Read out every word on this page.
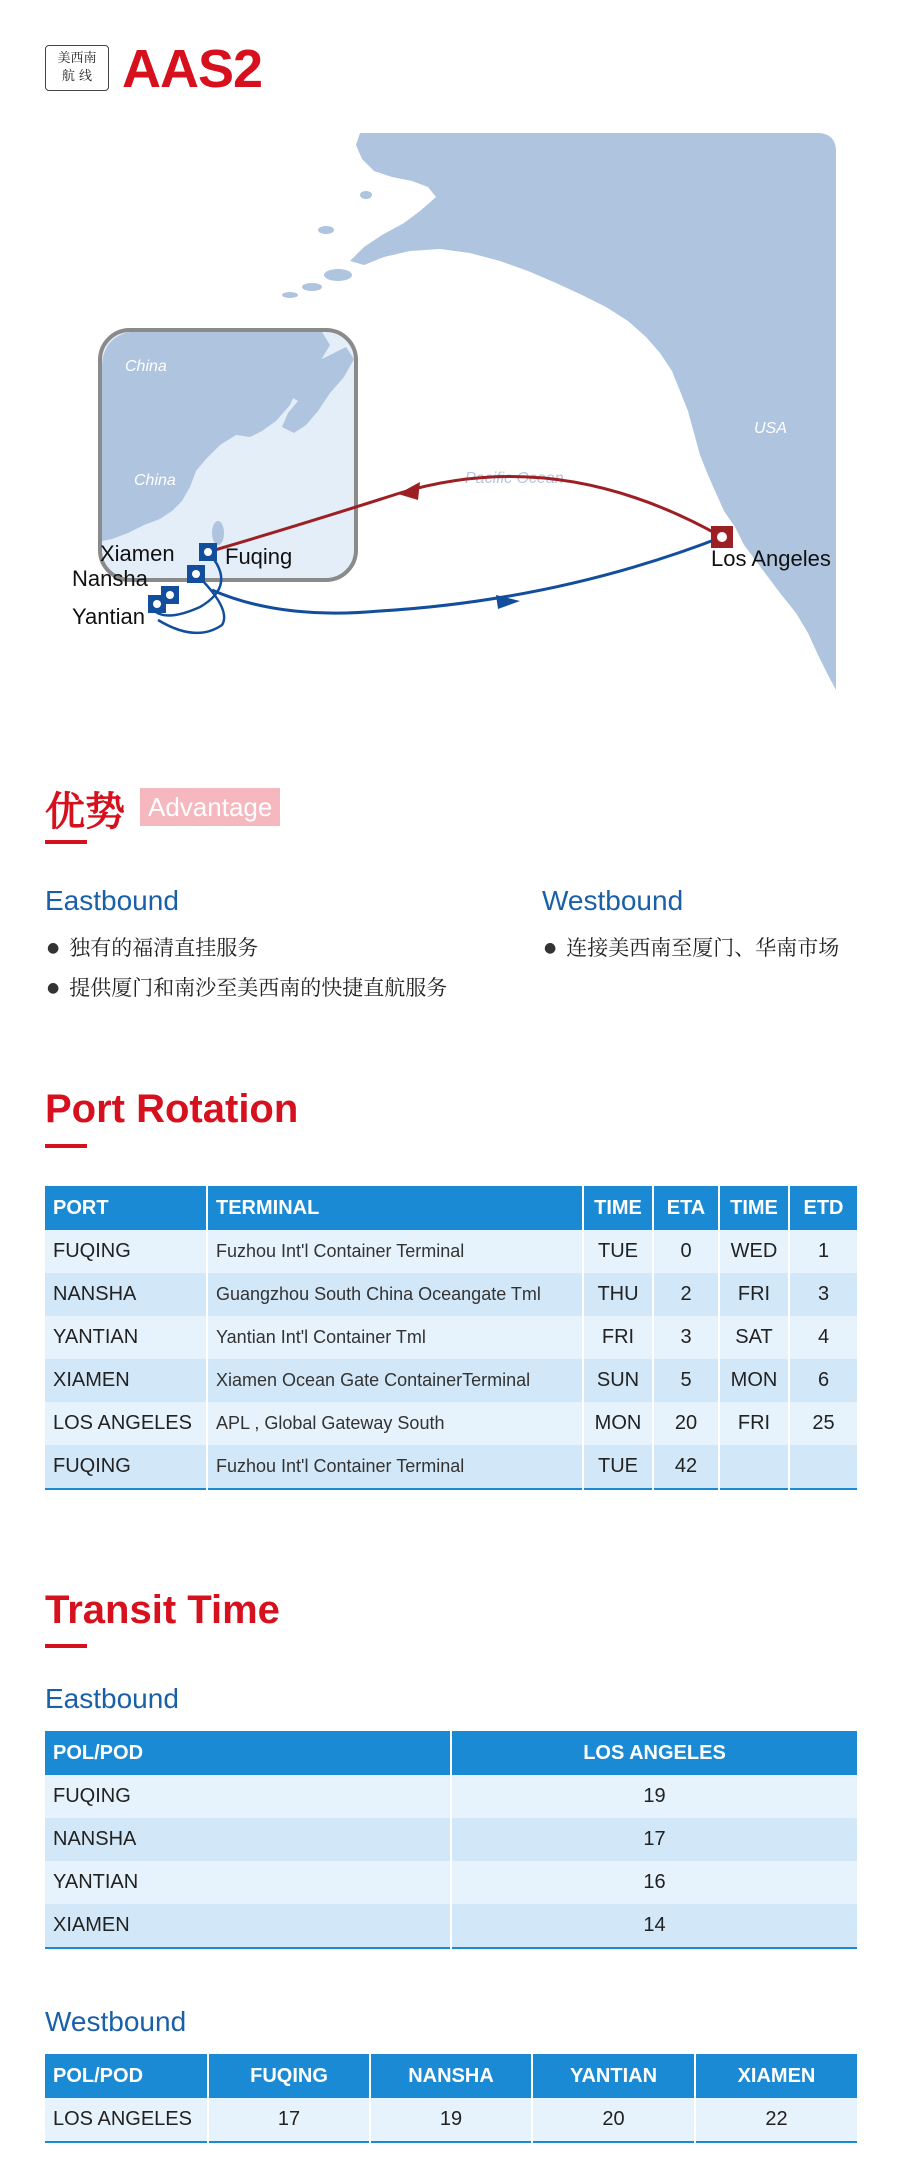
美西南
航 线 AAS2
China
China	Pacific Ocean
USA
Xiamen Fuqing
Nansha
Yantian
Los Angeles
优势 Advantage
Eastbound
● 独有的福清直挂服务
● 提供厦门和南沙至美西南的快捷直航服务
Westbound
● 连接美西南至厦门、华南市场
Port Rotation
PORT	TERMINAL	TIME	ETA	TIME	ETD
FUQING	Fuzhou Int'l Container Terminal	TUE	0	WED	1
NANSHA	Guangzhou South China Oceangate Tml	THU	2	FRI	3
YANTIAN	Yantian Int'l Container Tml	FRI	3	SAT	4
XIAMEN	Xiamen Ocean Gate ContainerTerminal	SUN	5	MON	6
LOS ANGELES	APL , Global Gateway South	MON	20	FRI	25
FUQING	Fuzhou Int'l Container Terminal	TUE	42		
Transit Time
Eastbound
POL/POD	LOS ANGELES
FUQING	19
NANSHA	17
YANTIAN	16
XIAMEN	14
Westbound
POL/POD	FUQING	NANSHA	YANTIAN	XIAMEN
LOS ANGELES	17	19	20	22
